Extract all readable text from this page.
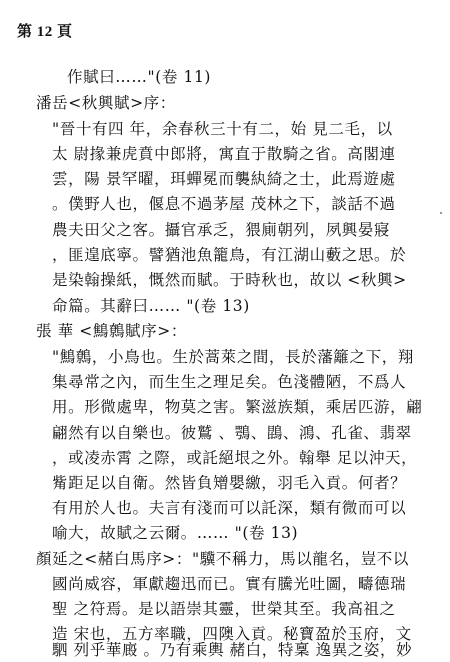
第 12 頁
作賦曰……"(卷 11)
潘岳<秋興賦>序：
"晉十有四 年，余春秋三十有二，始 見二毛，以
太 尉掾兼虎賁中郎將，寓直于散騎之省。高閣連
雲，陽 景罕曜，珥蟬冕而襲紈綺之士，此焉遊處
。僕野人也，偃息不過茅屋 茂林之下，談話不過
農夫田父之客。攝官承乏，猥廁朝列，夙興晏寢
，匪遑底寧。譬猶池魚籠鳥，有江湖山藪之思。於
是染翰操紙，慨然而賦。于時秋也，故以 <秋興>
命篇。其辭曰…… "(卷 13)
張 華 <鷦鷯賦序>：
"鷦鷯，小鳥也。生於蒿萊之間，長於藩籬之下，翔
集尋常之內，而生生之理足矣。色淺體陋，不爲人
用。形微處卑，物莫之害。繁滋族類，乘居匹游，翩
翩然有以自樂也。彼鷲 、鶚、鵾、鴻、孔雀、翡翠
，或凌赤霄 之際，或託絕垠之外。翰舉 足以沖天，
觜距足以自衛。然皆負矰嬰繳，羽毛入貢。何者？
有用於人也。夫言有淺而可以託深，類有微而可以
喻大，故賦之云爾。…… "(卷 13)
顏延之<赭白馬序>："驥不稱力，馬以龍名，豈不以
國尚威容，軍獻趨迅而已。實有騰光吐圖，疇德瑞
聖 之符焉。是以語崇其靈，世榮其至。我高祖之
造 宋也，五方率職，四隩入貢。秘寶盈於玉府，文
駟 列乎華廄 。乃有乘輿 赭白，特稟 逸異之姿，妙
